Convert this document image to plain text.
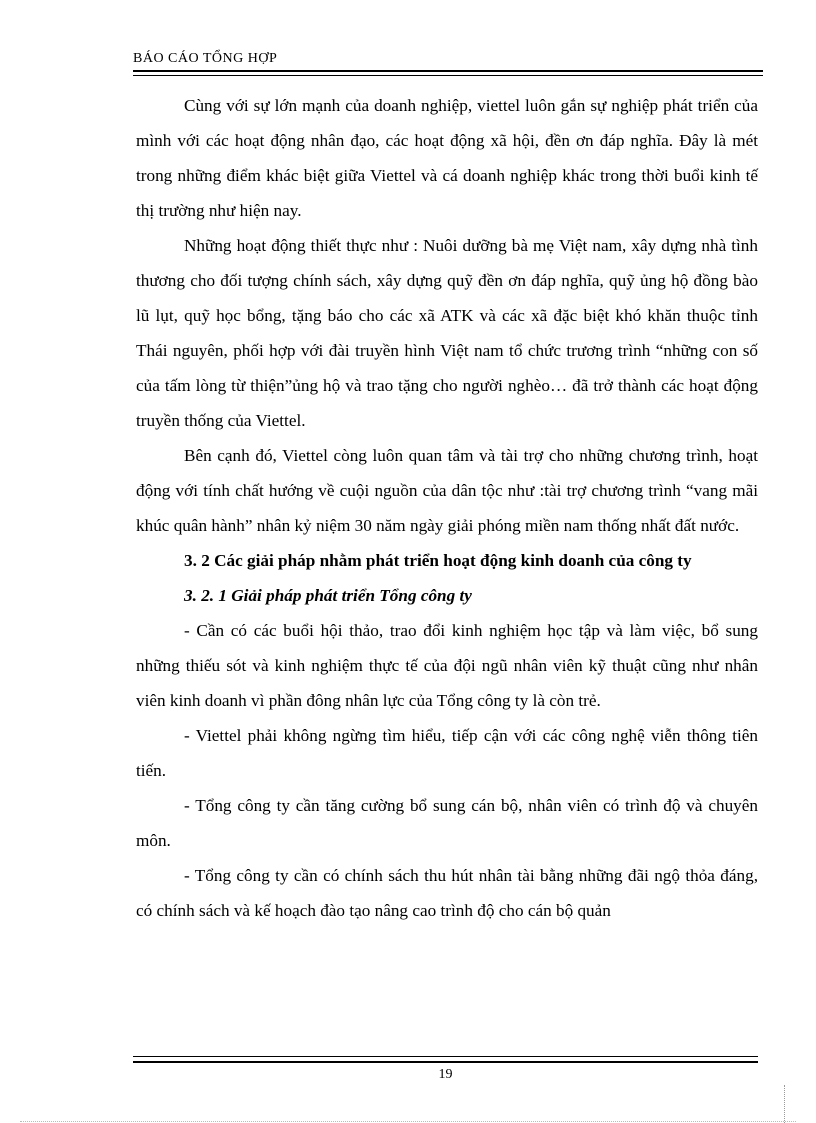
BÁO CÁO TỔNG HỢP

Cùng với sự lớn mạnh của doanh nghiệp, viettel luôn gắn sự nghiệp phát triển của mình với các hoạt động nhân đạo, các hoạt động xã hội, đền ơn đáp nghĩa. Đây là mét trong những điểm khác biệt giữa Viettel và cá doanh nghiệp khác trong thời buổi kinh tế thị trường như hiện nay.

Những hoạt động thiết thực như : Nuôi dưỡng bà mẹ Việt nam, xây dựng nhà tình thương cho đối tượng chính sách, xây dựng quỹ đền ơn đáp nghĩa, quỹ ủng hộ đồng bào lũ lụt, quỹ học bổng, tặng báo cho các xã ATK và các xã đặc biệt khó khăn thuộc tỉnh Thái nguyên, phối hợp với đài truyền hình Việt nam tổ chức trương trình “những con số của tấm lòng từ thiện”ủng hộ và trao tặng cho người nghèo… đã trở thành các hoạt động truyền thống của Viettel.

Bên cạnh đó, Viettel còng luôn quan tâm và tài trợ cho những chương trình, hoạt động với tính chất hướng về cuội nguồn của dân tộc như :tài trợ chương trình “vang mãi khúc quân hành” nhân kỷ niệm 30 năm ngày giải phóng miền nam thống nhất đất nước.

3. 2 Các giải pháp nhằm phát triển hoạt động kinh doanh của công ty

3. 2. 1 Giải pháp phát triển Tổng công ty

- Cần có các buổi hội thảo, trao đổi kinh nghiệm học tập và làm việc, bổ sung những thiếu sót và kinh nghiệm thực tế của đội ngũ nhân viên kỹ thuật cũng như nhân viên kinh doanh vì phần đông nhân lực của Tổng công ty là còn trẻ.

- Viettel phải không ngừng tìm hiểu, tiếp cận với các công nghệ viễn thông tiên tiến.

- Tổng công ty cần tăng cường bổ sung cán bộ, nhân viên có trình độ và chuyên môn.

- Tổng công ty cần có chính sách thu hút nhân tài bằng những đãi ngộ thỏa đáng, có chính sách và kế hoạch đào tạo nâng cao trình độ cho cán bộ quản

19
